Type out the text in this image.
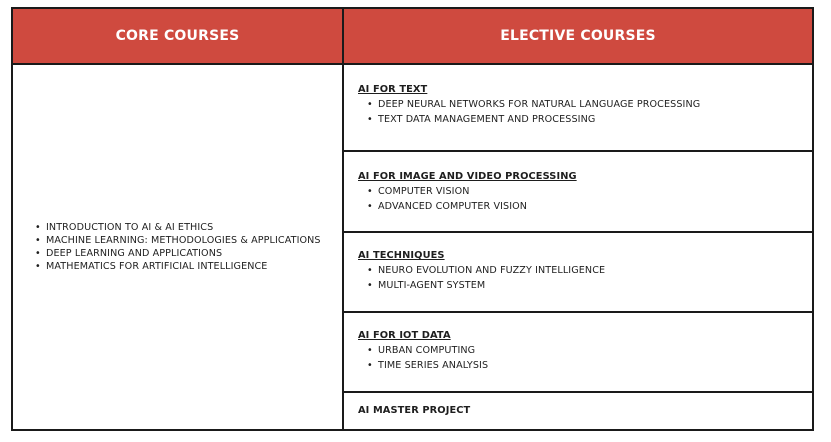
CORE COURSES	ELECTIVE COURSES
• INTRODUCTION TO AI & AI ETHICS
• MACHINE LEARNING: METHODOLOGIES & APPLICATIONS
• DEEP LEARNING AND APPLICATIONS
• MATHEMATICS FOR ARTIFICIAL INTELLIGENCE
AI FOR TEXT
• DEEP NEURAL NETWORKS FOR NATURAL LANGUAGE PROCESSING
• TEXT DATA MANAGEMENT AND PROCESSING
AI FOR IMAGE AND VIDEO PROCESSING
• COMPUTER VISION
• ADVANCED COMPUTER VISION
AI TECHNIQUES
• NEURO EVOLUTION AND FUZZY INTELLIGENCE
• MULTI-AGENT SYSTEM
AI FOR IOT DATA
• URBAN COMPUTING
• TIME SERIES ANALYSIS
AI MASTER PROJECT
